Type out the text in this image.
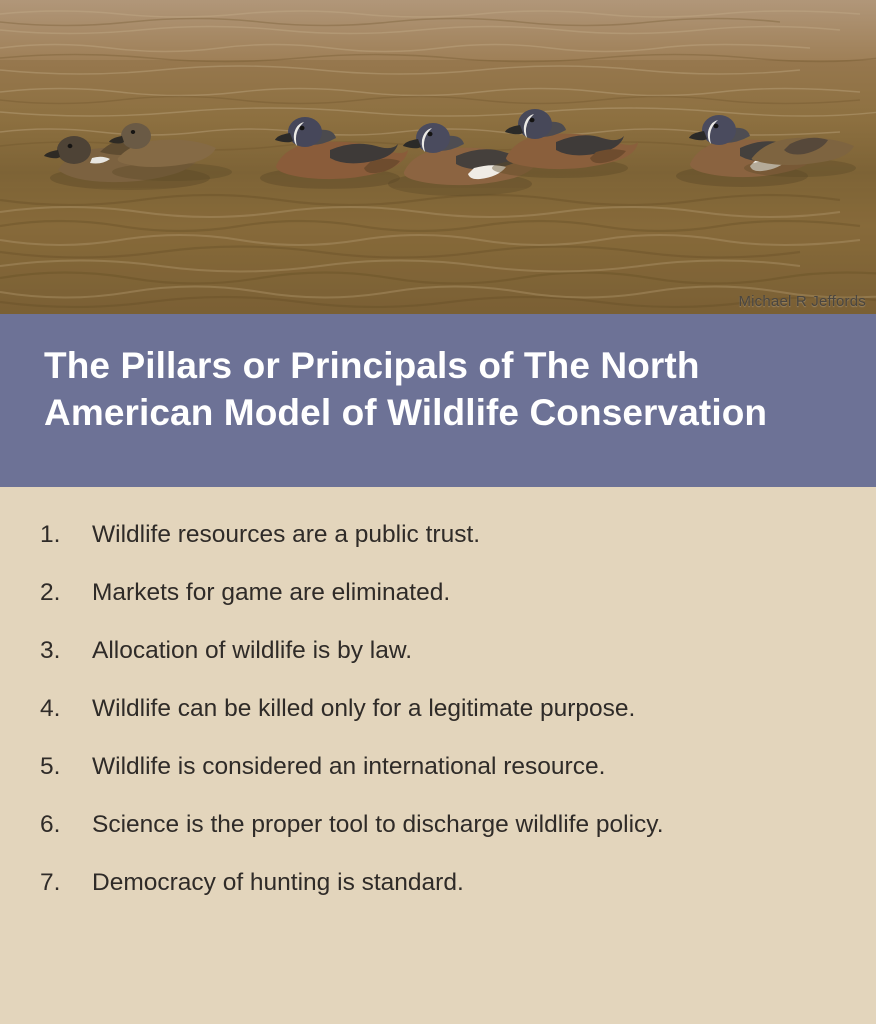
Michael R Jeffords
The Pillars or Principals of The North American Model of Wildlife Conservation
1.	Wildlife resources are a public trust.
2.	Markets for game are eliminated.
3.	Allocation of wildlife is by law.
4.	Wildlife can be killed only for a legitimate purpose.
5.	Wildlife is considered an international resource.
6.	Science is the proper tool to discharge wildlife policy.
7.	Democracy of hunting is standard.
